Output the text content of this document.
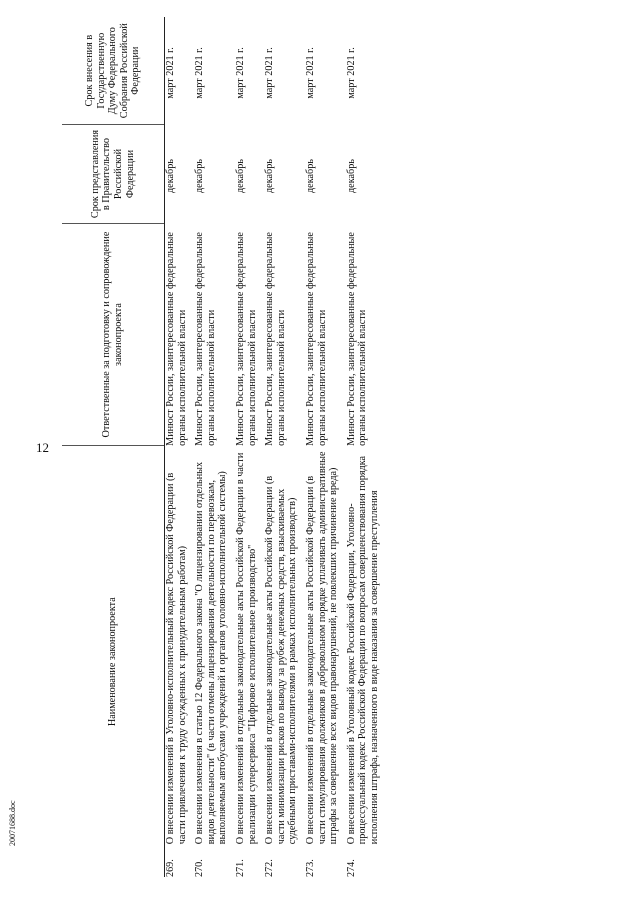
12
20071688.doc
Наименование законопроекта		Ответственные за подготовку и сопровождение законопроекта	Срок представления в Правительство Российской Федерации	Срок внесения в Государственную Думу Федерального Собрания Российской Федерации
269.	О внесении изменений в Уголовно-исполнительный кодекс Российской Федерации (в части привлечения к труду осужденных к принудительным работам)	Минюст России, заинтересованные федеральные органы исполнительной власти	декабрь	март 2021 г.
270.	О внесении изменения в статью 12 Федерального закона "О лицензировании отдельных видов деятельности" (в части отмены лицензирования деятельности по перевозкам, выполняемым автобусами учреждений и органов уголовно-исполнительной системы)	Минюст России, заинтересованные федеральные органы исполнительной власти	декабрь	март 2021 г.
271.	О внесении изменений в отдельные законодательные акты Российской Федерации в части реализации суперсервиса "Цифровое исполнительное производство"	Минюст России, заинтересованные федеральные органы исполнительной власти	декабрь	март 2021 г.
272.	О внесении изменений в отдельные законодательные акты Российской Федерации (в части минимизации рисков по выводу за рубеж денежных средств, взыскиваемых судебными приставами-исполнителями в рамках исполнительных производств)	Минюст России, заинтересованные федеральные органы исполнительной власти	декабрь	март 2021 г.
273.	О внесении изменений в отдельные законодательные акты Российской Федерации (в части стимулирования должников в добровольном порядке уплачивать административные штрафы за совершение всех видов правонарушений, не повлекших причинение вреда)	Минюст России, заинтересованные федеральные органы исполнительной власти	декабрь	март 2021 г.
274.	О внесении изменений в Уголовный кодекс Российской Федерации, Уголовно-процессуальный кодекс Российской Федерации по вопросам совершенствования порядка исполнения штрафа, назначенного в виде наказания за совершение преступления	Минюст России, заинтересованные федеральные органы исполнительной власти	декабрь	март 2021 г.
